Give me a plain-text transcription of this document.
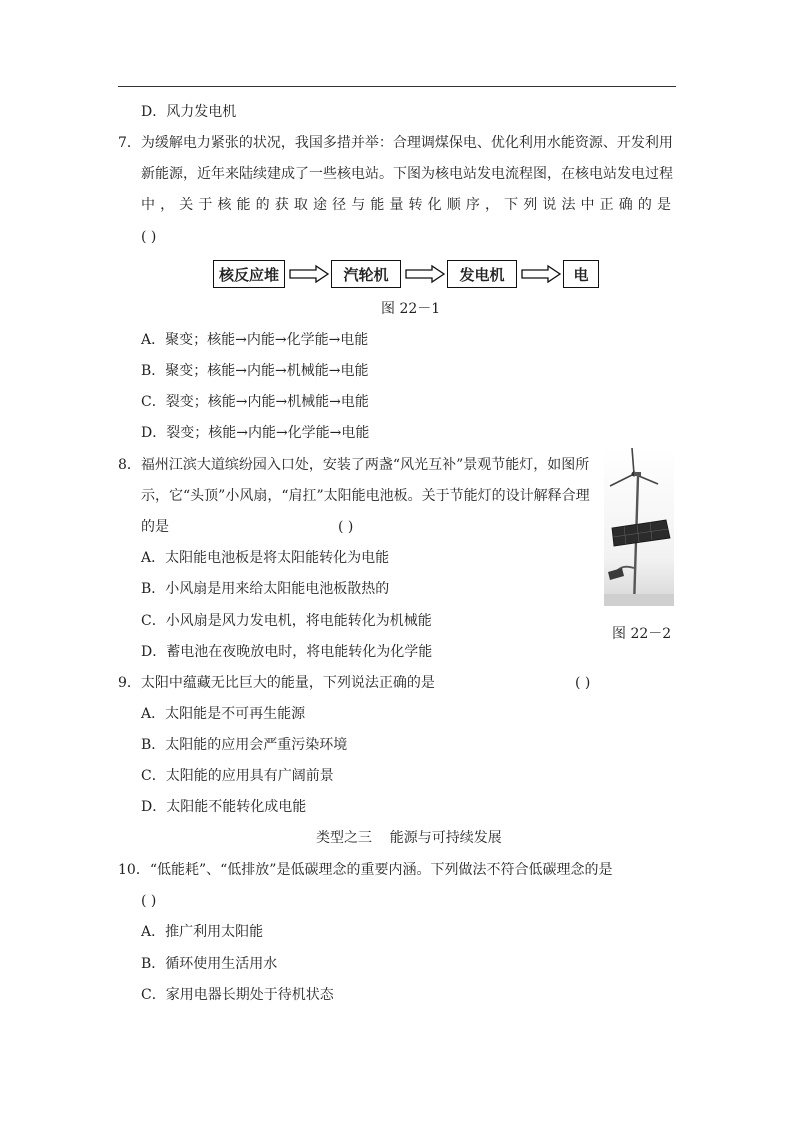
D．风力发电机
7．为缓解电力紧张的状况，我国多措并举：合理调煤保电、优化利用水能资源、开发利用
新能源，近年来陆续建成了一些核电站。下图为核电站发电流程图，在核电站发电过程
中，关于核能的获取途径与能量转化顺序，下列说法中正确的是
( )
核反应堆	汽轮机	发电机	电
图 22－1
A．聚变；核能→内能→化学能→电能
B．聚变；核能→内能→机械能→电能
C．裂变；核能→内能→机械能→电能
D．裂变；核能→内能→化学能→电能
8．福州江滨大道缤纷园入口处，安装了两盏“风光互补”景观节能灯，如图所
示，它“头顶”小风扇，“肩扛”太阳能电池板。关于节能灯的设计解释合理
的是	( )
A．太阳能电池板是将太阳能转化为电能
B．小风扇是用来给太阳能电池板散热的
C．小风扇是风力发电机，将电能转化为机械能
D．蓄电池在夜晚放电时，将电能转化为化学能
图 22－2
9．太阳中蕴藏无比巨大的能量，下列说法正确的是	( )
A．太阳能是不可再生能源
B．太阳能的应用会严重污染环境
C．太阳能的应用具有广阔前景
D．太阳能不能转化成电能
类型之三    能源与可持续发展
10．“低能耗”、“低排放”是低碳理念的重要内涵。下列做法不符合低碳理念的是
( )
A．推广利用太阳能
B．循环使用生活用水
C．家用电器长期处于待机状态
